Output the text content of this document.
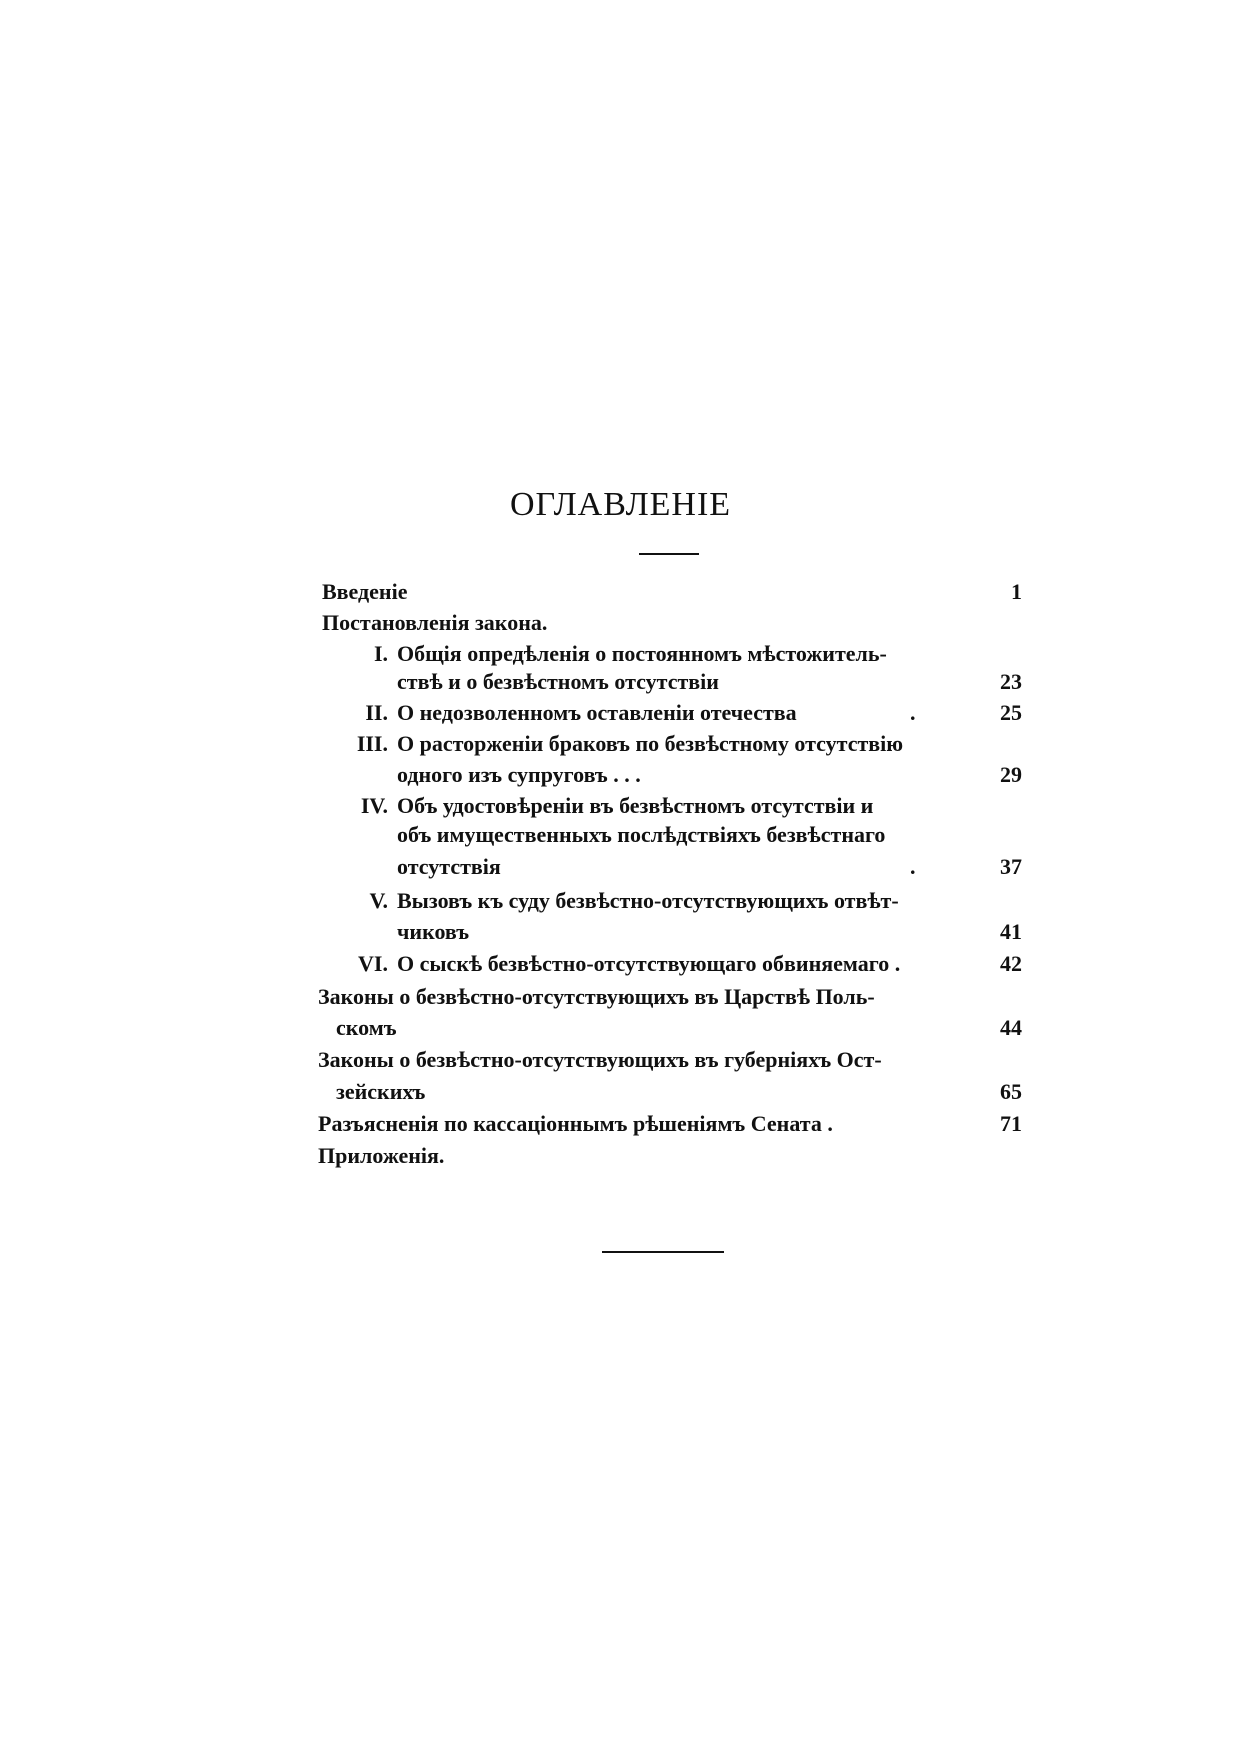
ОГЛАВЛЕНIЕ
Введенiе	1
Постановленiя закона.
I. Общiя опредѣленiя о постоянномъ мѣстожитель-
ствѣ и о безвѣстномъ отсутствiи	23
II. О недозволенномъ оставленiи отечества	.	25
III. О расторженiи браковъ по безвѣстному отсутствiю
одного изъ супруговъ . . .	29
IV. Объ удостовѣренiи въ безвѣстномъ отсутствiи и
объ имущественныхъ послѣдствiяхъ безвѣстнаго
отсутствiя	.	37
V. Вызовъ къ суду безвѣстно-отсутствующихъ отвѣт-
чиковъ	41
VI. О сыскѣ безвѣстно-отсутствующаго обвиняемаго .	42
Законы о безвѣстно-отсутствующихъ въ Царствѣ Поль-
скомъ	44
Законы о безвѣстно-отсутствующихъ въ губернiяхъ Ост-
зейскихъ	65
Разъясненiя по кассацiоннымъ рѣшенiямъ Сената .	71
Приложенiя.
